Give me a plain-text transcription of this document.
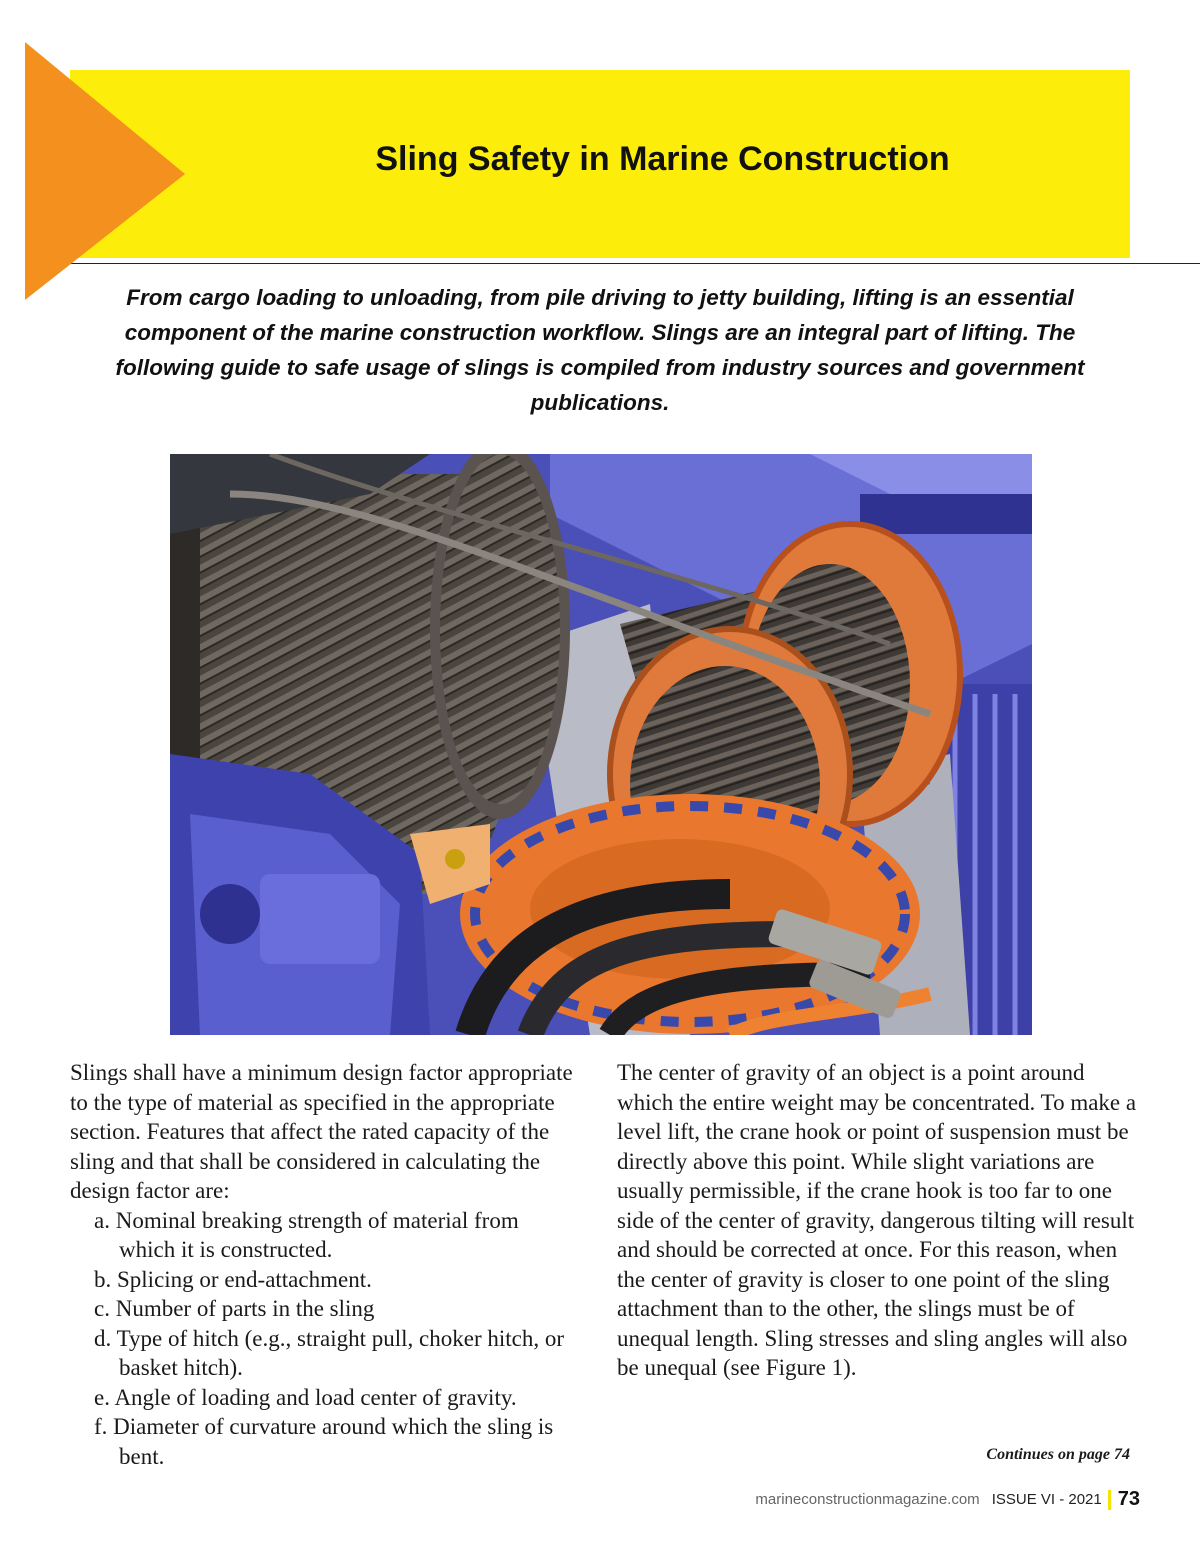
Sling Safety in Marine Construction
From cargo loading to unloading, from pile driving to jetty building, lifting is an essential component of the marine construction workflow. Slings are an integral part of lifting. The following guide to safe usage of slings is compiled from industry sources and government publications.

Slings shall have a minimum design factor appropriate to the type of material as specified in the appropriate section. Features that affect the rated capacity of the sling and that shall be considered in calculating the design factor are:

a. Nominal breaking strength of material from which it is constructed.
b. Splicing or end-attachment.
c. Number of parts in the sling
d. Type of hitch (e.g., straight pull, choker hitch, or basket hitch).
e. Angle of loading and load center of gravity.
f. Diameter of curvature around which the sling is bent.

The center of gravity of an object is a point around which the entire weight may be concentrated. To make a level lift, the crane hook or point of suspension must be directly above this point. While slight variations are usually permissible, if the crane hook is too far to one side of the center of gravity, dangerous tilting will result and should be corrected at once. For this reason, when the center of gravity is closer to one point of the sling attachment than to the other, the slings must be of unequal length. Sling stresses and sling angles will also be unequal (see Figure 1).

Continues on page 74
marineconstructionmagazine.com ISSUE VI - 2021 73
